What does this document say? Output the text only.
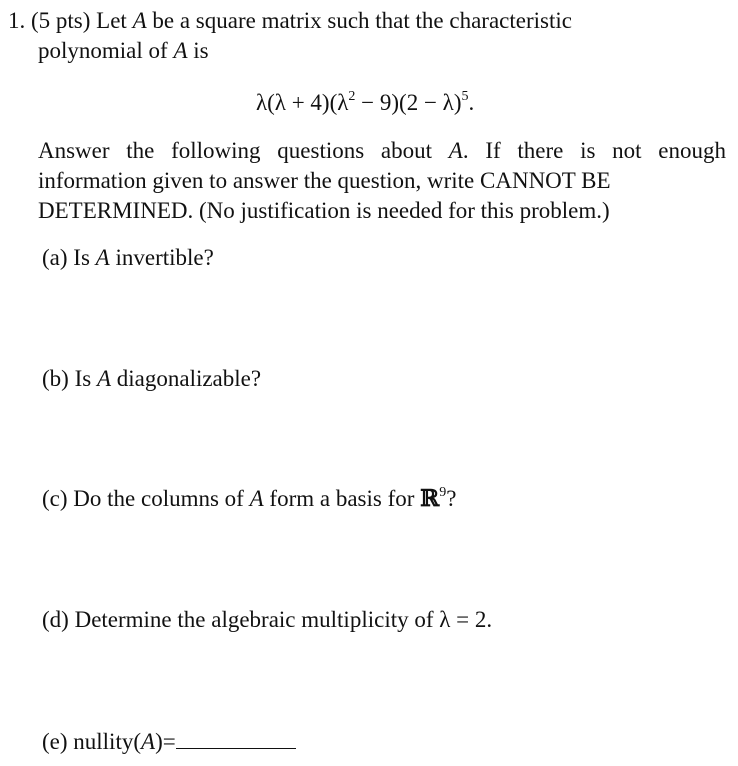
1. (5 pts) Let A be a square matrix such that the characteristic
polynomial of A is
$\lambda(\lambda + 4)(\lambda^2 - 9)(2 - \lambda)^5$.
Answer the following questions about A. If there is not enough
information given to answer the question, write CANNOT BE
DETERMINED. (No justification is needed for this problem.)
(a) Is A invertible?
(b) Is A diagonalizable?
(c) Do the columns of A form a basis for ℝ$^9$?
(d) Determine the algebraic multiplicity of λ = 2.
(e) nullity(A)=
